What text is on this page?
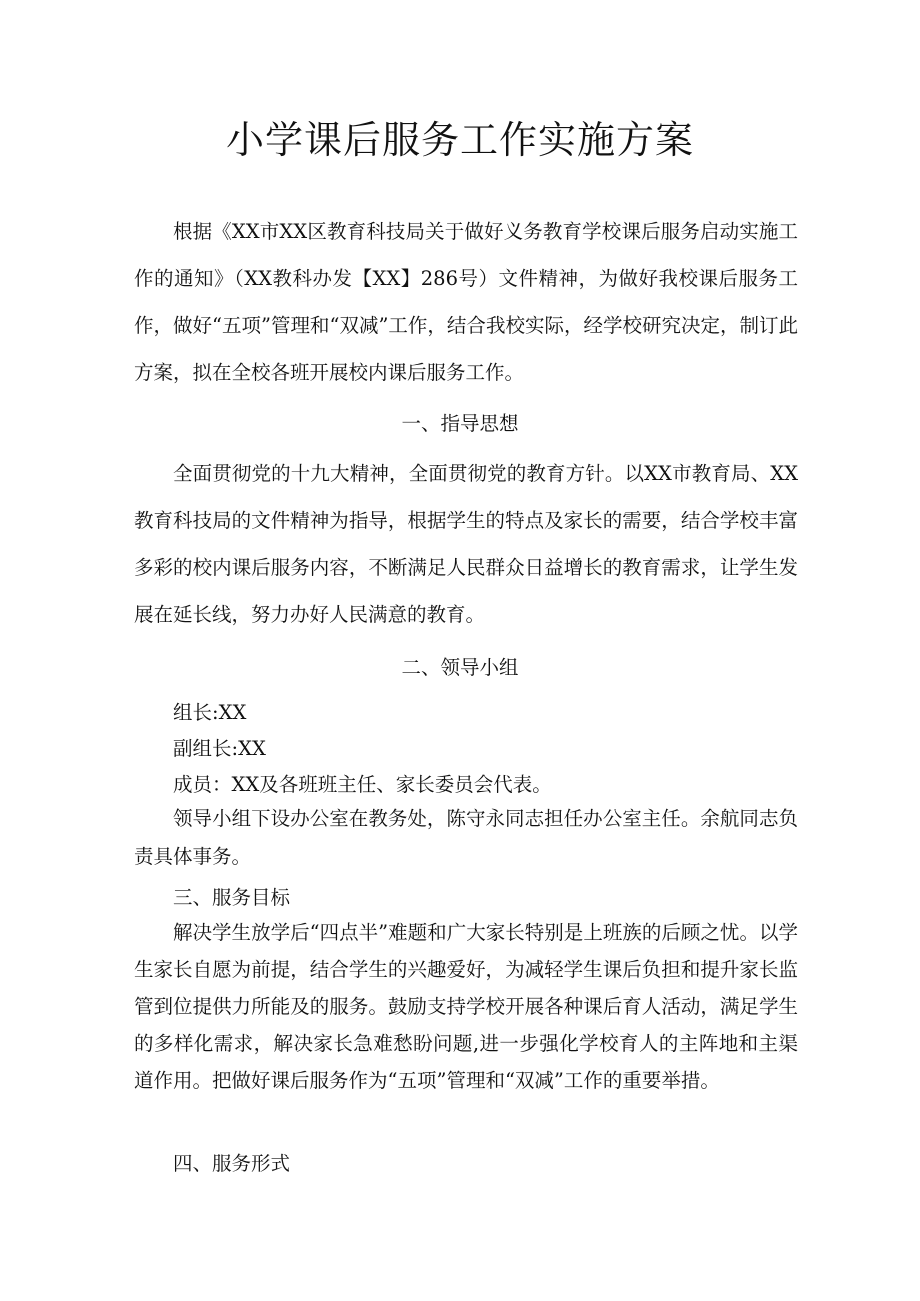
小学课后服务工作实施方案

根据《XX市XX区教育科技局关于做好义务教育学校课后服务启动实施工作的通知》（XX教科办发【XX】286号）文件精神，为做好我校课后服务工作，做好“五项”管理和“双减”工作，结合我校实际，经学校研究决定，制订此方案，拟在全校各班开展校内课后服务工作。

一、指导思想

全面贯彻党的十九大精神，全面贯彻党的教育方针。以XX市教育局、XX教育科技局的文件精神为指导，根据学生的特点及家长的需要，结合学校丰富多彩的校内课后服务内容，不断满足人民群众日益增长的教育需求，让学生发展在延长线，努力办好人民满意的教育。

二、领导小组

组长:XX

副组长:XX

成员：XX及各班班主任、家长委员会代表。

领导小组下设办公室在教务处，陈守永同志担任办公室主任。余航同志负责具体事务。

三、服务目标

解决学生放学后“四点半”难题和广大家长特别是上班族的后顾之忧。以学生家长自愿为前提，结合学生的兴趣爱好，为减轻学生课后负担和提升家长监管到位提供力所能及的服务。鼓励支持学校开展各种课后育人活动，满足学生的多样化需求，解决家长急难愁盼问题,进一步强化学校育人的主阵地和主渠道作用。把做好课后服务作为“五项”管理和“双减”工作的重要举措。

四、服务形式
